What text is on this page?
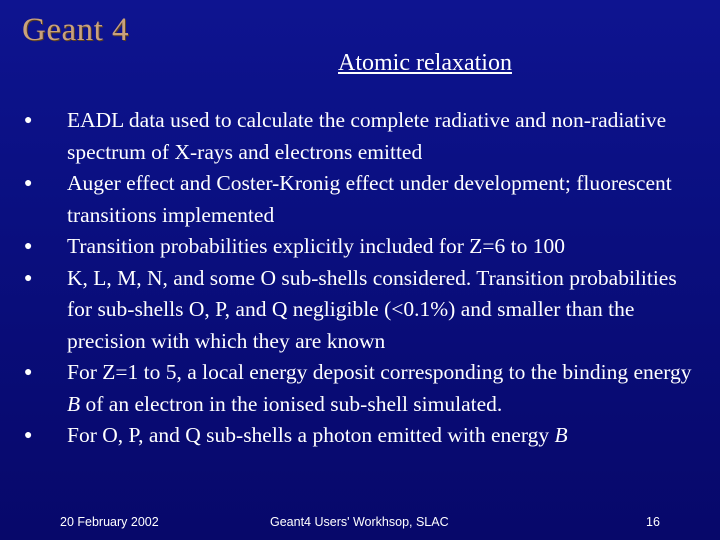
Geant 4
Atomic relaxation
● EADL data used to calculate the complete radiative and non-radiative spectrum of X-rays and electrons emitted
● Auger effect and Coster-Kronig effect under development; fluorescent transitions implemented
● Transition probabilities explicitly included for Z=6 to 100
● K, L, M, N, and some O sub-shells considered. Transition probabilities for sub-shells O, P, and Q negligible (<0.1%) and smaller than the precision with which they are known
● For Z=1 to 5, a local energy deposit corresponding to the binding energy B of an electron in the ionised sub-shell simulated.
● For O, P, and Q sub-shells a photon emitted with energy B
20 February 2002	Geant4 Users' Workhsop, SLAC	16
